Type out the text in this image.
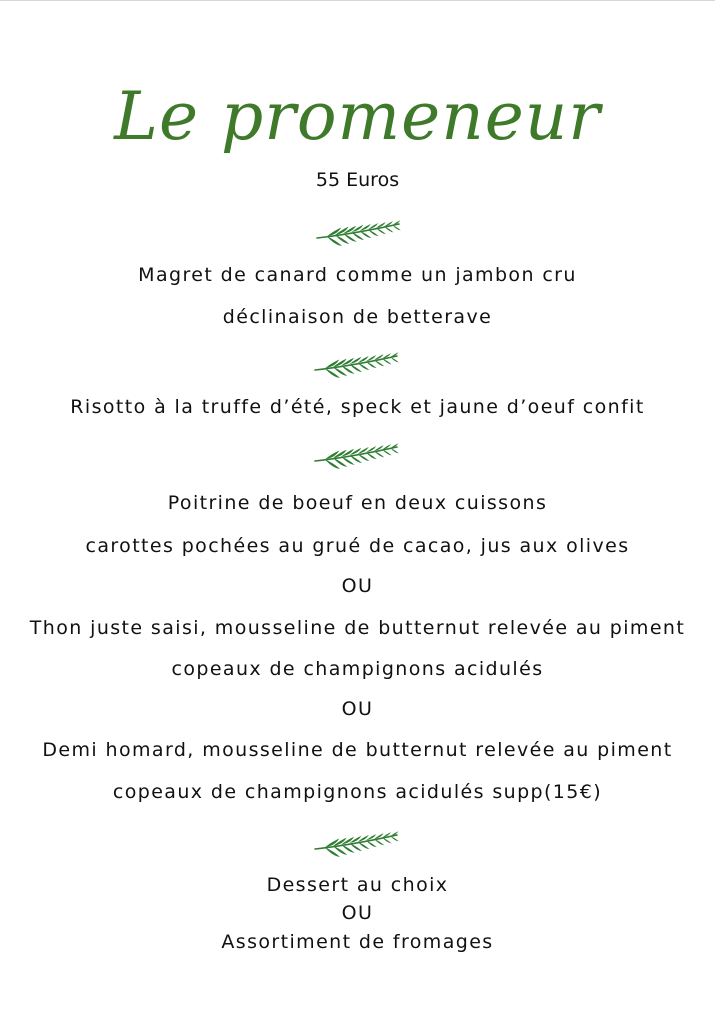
Le promeneur
55 Euros
Magret de canard comme un jambon cru
déclinaison de betterave
Risotto à la truffe d’été, speck et jaune d’oeuf confit
Poitrine de boeuf en deux cuissons
carottes pochées au grué de cacao, jus aux olives
OU
Thon juste saisi, mousseline de butternut relevée au piment
copeaux de champignons acidulés
OU
Demi homard, mousseline de butternut relevée au piment
copeaux de champignons acidulés supp(15€)
Dessert au choix
OU
Assortiment de fromages
